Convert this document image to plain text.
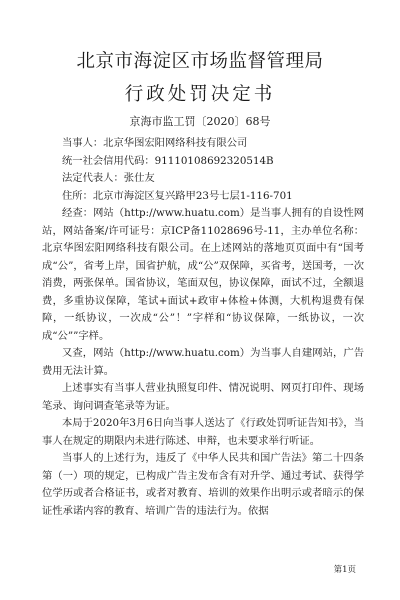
北京市海淀区市场监督管理局
行政处罚决定书
京海市监工罚〔2020〕68号

当事人：北京华图宏阳网络科技有限公司

统一社会信用代码：91110108692320514B

法定代表人：张仕友

住所：北京市海淀区复兴路甲23号七层1-116-701

经查：网站（http://www.huatu.com）是当事人拥有的自设性网站，网站备案/许可证号：京ICP备11028696号-11，主办单位名称：北京华图宏阳网络科技有限公司。在上述网站的落地页页面中有“国考成“公”，省考上岸，国省护航，成“公”双保障，买省考，送国考，一次消费，两张保单。国省协议，笔面双包，协议保障，面试不过，全额退费，多重协议保障，笔试+面试+政审+体检+体测，大机构退费有保障，一纸协议，一次成“公”！”字样和“协议保障，一纸协议，一次成“公””字样。

又查，网站（http://www.huatu.com）为当事人自建网站，广告费用无法计算。

上述事实有当事人营业执照复印件、情况说明、网页打印件、现场笔录、询问调查笔录等为证。

本局于2020年3月6日向当事人送达了《行政处罚听证告知书》，当事人在规定的期限内未进行陈述、申辩，也未要求举行听证。

当事人的上述行为，违反了《中华人民共和国广告法》第二十四条第（一）项的规定，已构成广告主发布含有对升学、通过考试、获得学位学历或者合格证书，或者对教育、培训的效果作出明示或者暗示的保证性承诺内容的教育、培训广告的违法行为。依据

第1页
